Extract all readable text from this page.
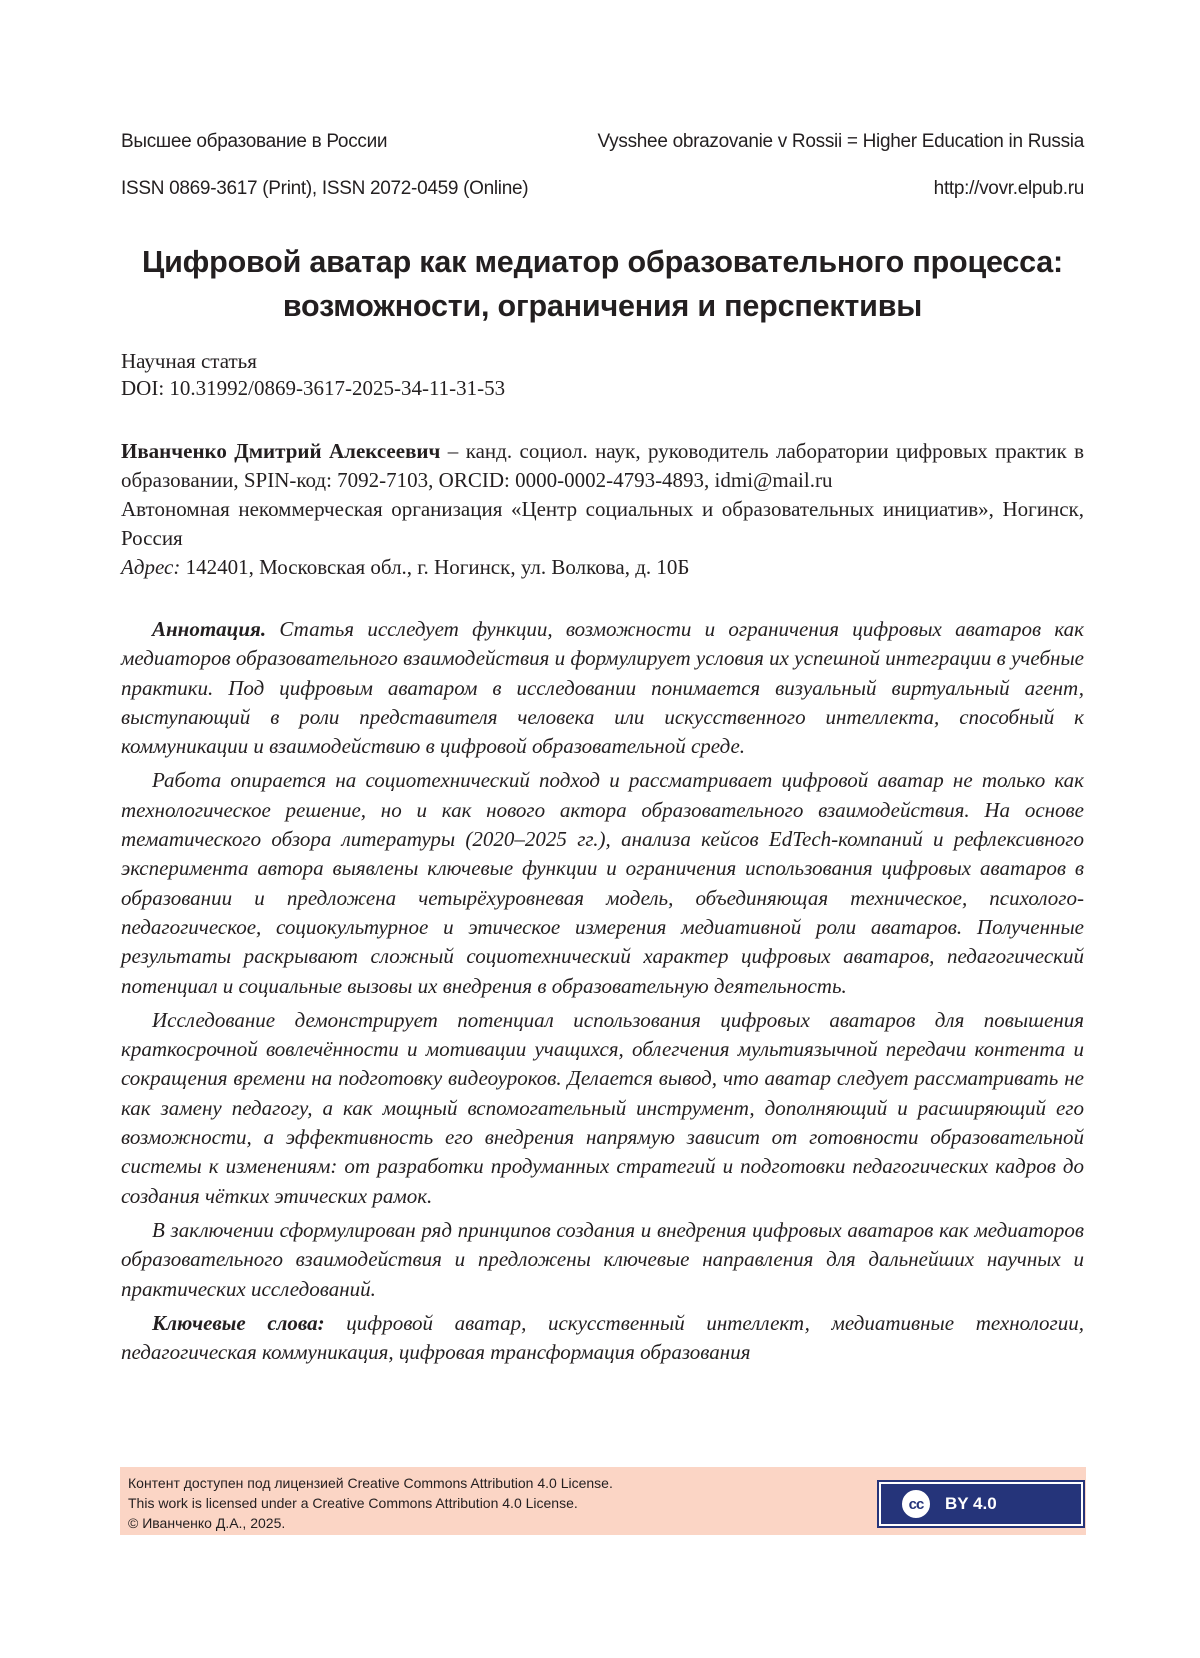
Высшее образование в России	Vysshee obrazovanie v Rossii = Higher Education in Russia
ISSN 0869-3617 (Print), ISSN 2072-0459 (Online)	http://vovr.elpub.ru
Цифровой аватар как медиатор образовательного процесса:
возможности, ограничения и перспективы
Научная статья
DOI: 10.31992/0869-3617-2025-34-11-31-53

Иванченко Дмитрий Алексеевич – канд. социол. наук, руководитель лаборатории цифровых практик в образовании, SPIN-код: 7092-7103, ORCID: 0000-0002-4793-4893, idmi@mail.ru

Автономная некоммерческая организация «Центр социальных и образовательных инициатив», Ногинск, Россия

Адрес: 142401, Московская обл., г. Ногинск, ул. Волкова, д. 10Б

Аннотация. Статья исследует функции, возможности и ограничения цифровых аватаров как медиаторов образовательного взаимодействия и формулирует условия их успешной интеграции в учебные практики. Под цифровым аватаром в исследовании понимается визуальный виртуальный агент, выступающий в роли представителя человека или искусственного интеллекта, способный к коммуникации и взаимодействию в цифровой образовательной среде.

Работа опирается на социотехнический подход и рассматривает цифровой аватар не только как технологическое решение, но и как нового актора образовательного взаимодействия. На основе тематического обзора литературы (2020–2025 гг.), анализа кейсов EdTech-компаний и рефлексивного эксперимента автора выявлены ключевые функции и ограничения использования цифровых аватаров в образовании и предложена четырёхуровневая модель, объединяющая техническое, психолого-педагогическое, социокультурное и этическое измерения медиативной роли аватаров. Полученные результаты раскрывают сложный социотехнический характер цифровых аватаров, педагогический потенциал и социальные вызовы их внедрения в образовательную деятельность.

Исследование демонстрирует потенциал использования цифровых аватаров для повышения краткосрочной вовлечённости и мотивации учащихся, облегчения мультиязычной передачи контента и сокращения времени на подготовку видеоуроков. Делается вывод, что аватар следует рассматривать не как замену педагогу, а как мощный вспомогательный инструмент, дополняющий и расширяющий его возможности, а эффективность его внедрения напрямую зависит от готовности образовательной системы к изменениям: от разработки продуманных стратегий и подготовки педагогических кадров до создания чётких этических рамок.

В заключении сформулирован ряд принципов создания и внедрения цифровых аватаров как медиаторов образовательного взаимодействия и предложены ключевые направления для дальнейших научных и практических исследований.

Ключевые слова: цифровой аватар, искусственный интеллект, медиативные технологии, педагогическая коммуникация, цифровая трансформация образования

Контент доступен под лицензией Creative Commons Attribution 4.0 License.
This work is licensed under a Creative Commons Attribution 4.0 License.
© Иванченко Д.А., 2025.
cc	BY 4.0
